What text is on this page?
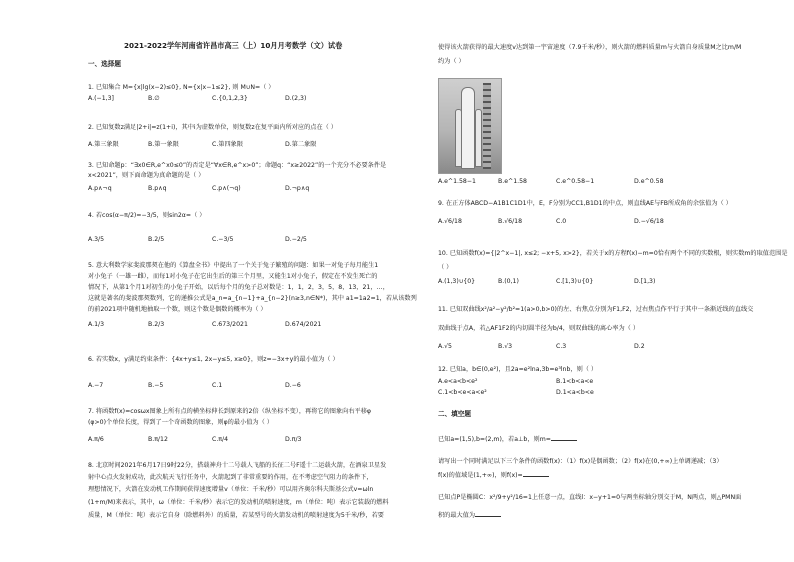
2021-2022学年河南省许昌市高三（上）10月月考数学（文）试卷
一、选择题
1. 已知集合 M={x|lg(x−2)≤0}, N={x|x−1≤2}, 则 M∪N=（ ）
A.(−1,3]	B.∅	C.{0,1,2,3}	D.(2,3)
2. 已知复数z满足|2+i|=z(1+i)，其中i为虚数单位，则复数z在复平面内所对应的点在（ ）
A.第三象限	B.第一象限	C.第四象限	D.第二象限
3. 已知命题p：“∃x0∈R,e^x0≤0”的否定是“∀x∈R,e^x>0”；命题q：“x≥2022”的一个充分不必要条件是
x<2021”，则下面命题为真命题的是（ ）
A.p∧¬q	B.p∧q	C.p∧(¬q)	D.¬p∧q
4. 若cos(α−π/2)=−3/5，则sin2α=（ ）
A.3/5	B.2/5	C.−3/5	D.−2/5
5. 意大利数学家斐波那契在他的《算盘全书》中提出了一个关于兔子繁殖的问题：如果一对兔子每月能生1
对小兔子（一雄一雌），而每1对小兔子在它出生后的第三个月里，又能生1对小兔子，假定在不发生死亡的
情况下，从第1个月1对初生的小兔子开始，以后每个月的兔子总对数是：1，1，2，3，5，8，13，21，…，
这就是著名的斐波那契数列，它的递推公式是a_n=a_{n−1}+a_{n−2}(n≥3,n∈N*)，其中 a1=1a2=1，若从该数列
的前2021项中随机地抽取一个数，则这个数是偶数的概率为（ ）
A.1/3	B.2/3	C.673/2021	D.674/2021
6. 若实数x，y满足约束条件：{4x+y≤1, 2x−y≤5, x≥0}，则z=−3x+y的最小值为（ ）
A.−7	B.−5	C.1	D.−6
7. 将函数f(x)=cosωx图象上所有点的横坐标伸长到原来的2倍（纵坐标不变），再将它的图象向右平移φ
(φ>0)个单位长度，得到了一个奇函数的图象，则φ的最小值为（ ）
A.π/6	B.π/12	C.π/4	D.π/3
8. 北京时间2021年6月17日9时22分，搭载神舟十二号载人飞船的长征二号F遥十二运载火箭，在酒泉卫星发
射中心点火发射成功，此次航天飞行任务中，火箭起到了非常重要的作用，在不考虑空气阻力的条件下，
理想情况下，火箭在发动机工作期间获得速度增量v（单位：千米/秒）可以用齐奥尔科夫斯基公式v=ωln
(1+m/M)来表示，其中，ω（单位：千米/秒）表示它的发动机的喷射速度，m（单位：吨）表示它装载的燃料
质量，M（单位：吨）表示它自身（除燃料外）的质量，若某型号的火箭发动机的喷射速度为5千米/秒，若要
使得该火箭获得的最大速度v达到第一宇宙速度（7.9千米/秒），则火箭的燃料质量m与火箭自身质量M之比m/M
约为（ ）
A.e^1.58−1	B.e^1.58	C.e^0.58−1	D.e^0.58
9. 在正方体ABCD−A1B1C1D1中，E，F分别为CC1,B1D1的中点，则直线AE与FB所成角的余弦值为（ ）
A.√6/18	B.√6/18	C.0	D.−√6/18
10. 已知函数f(x)={|2^x−1|, x≤2; −x+5, x>2}，若关于x的方程f(x)−m=0恰有两个不同的实数根，则实数m的取值范围是
（ ）
A.(1,3)∪{0}	B.(0,1)	C.[1,3)∪{0}	D.[1,3)
11. 已知双曲线x²/a²−y²/b²=1(a>0,b>0)的左、右焦点分别为F1,F2，过右焦点作平行于其中一条渐近线的直线交
双曲线于点A，若△AF1F2的内切圆半径为b/4，则双曲线的离心率为（ ）
A.√5	B.√3	C.3	D.2
12. 已知a，b∈(0,e²)，且2a=e²lna,3b=e³lnb，则（ ）
A.e<a<b<e²	B.1<b<a<e
C.1<b<e<a<e²	D.1<a<b<e
二、填空题
已知a=(1,5),b=(2,m)，若a⊥b，则m=
请写出一个同时满足以下三个条件的函数f(x)：（1）f(x)是偶函数；（2）f(x)在(0,+∞)上单调递减；（3）
f(x)的值域是(1,+∞)，则f(x)=
已知点P是椭圆C：x²/9+y²/16=1上任意一点，直线l：x−y+1=0与两坐标轴分别交于M，N两点，则△PMN面
积的最大值为
